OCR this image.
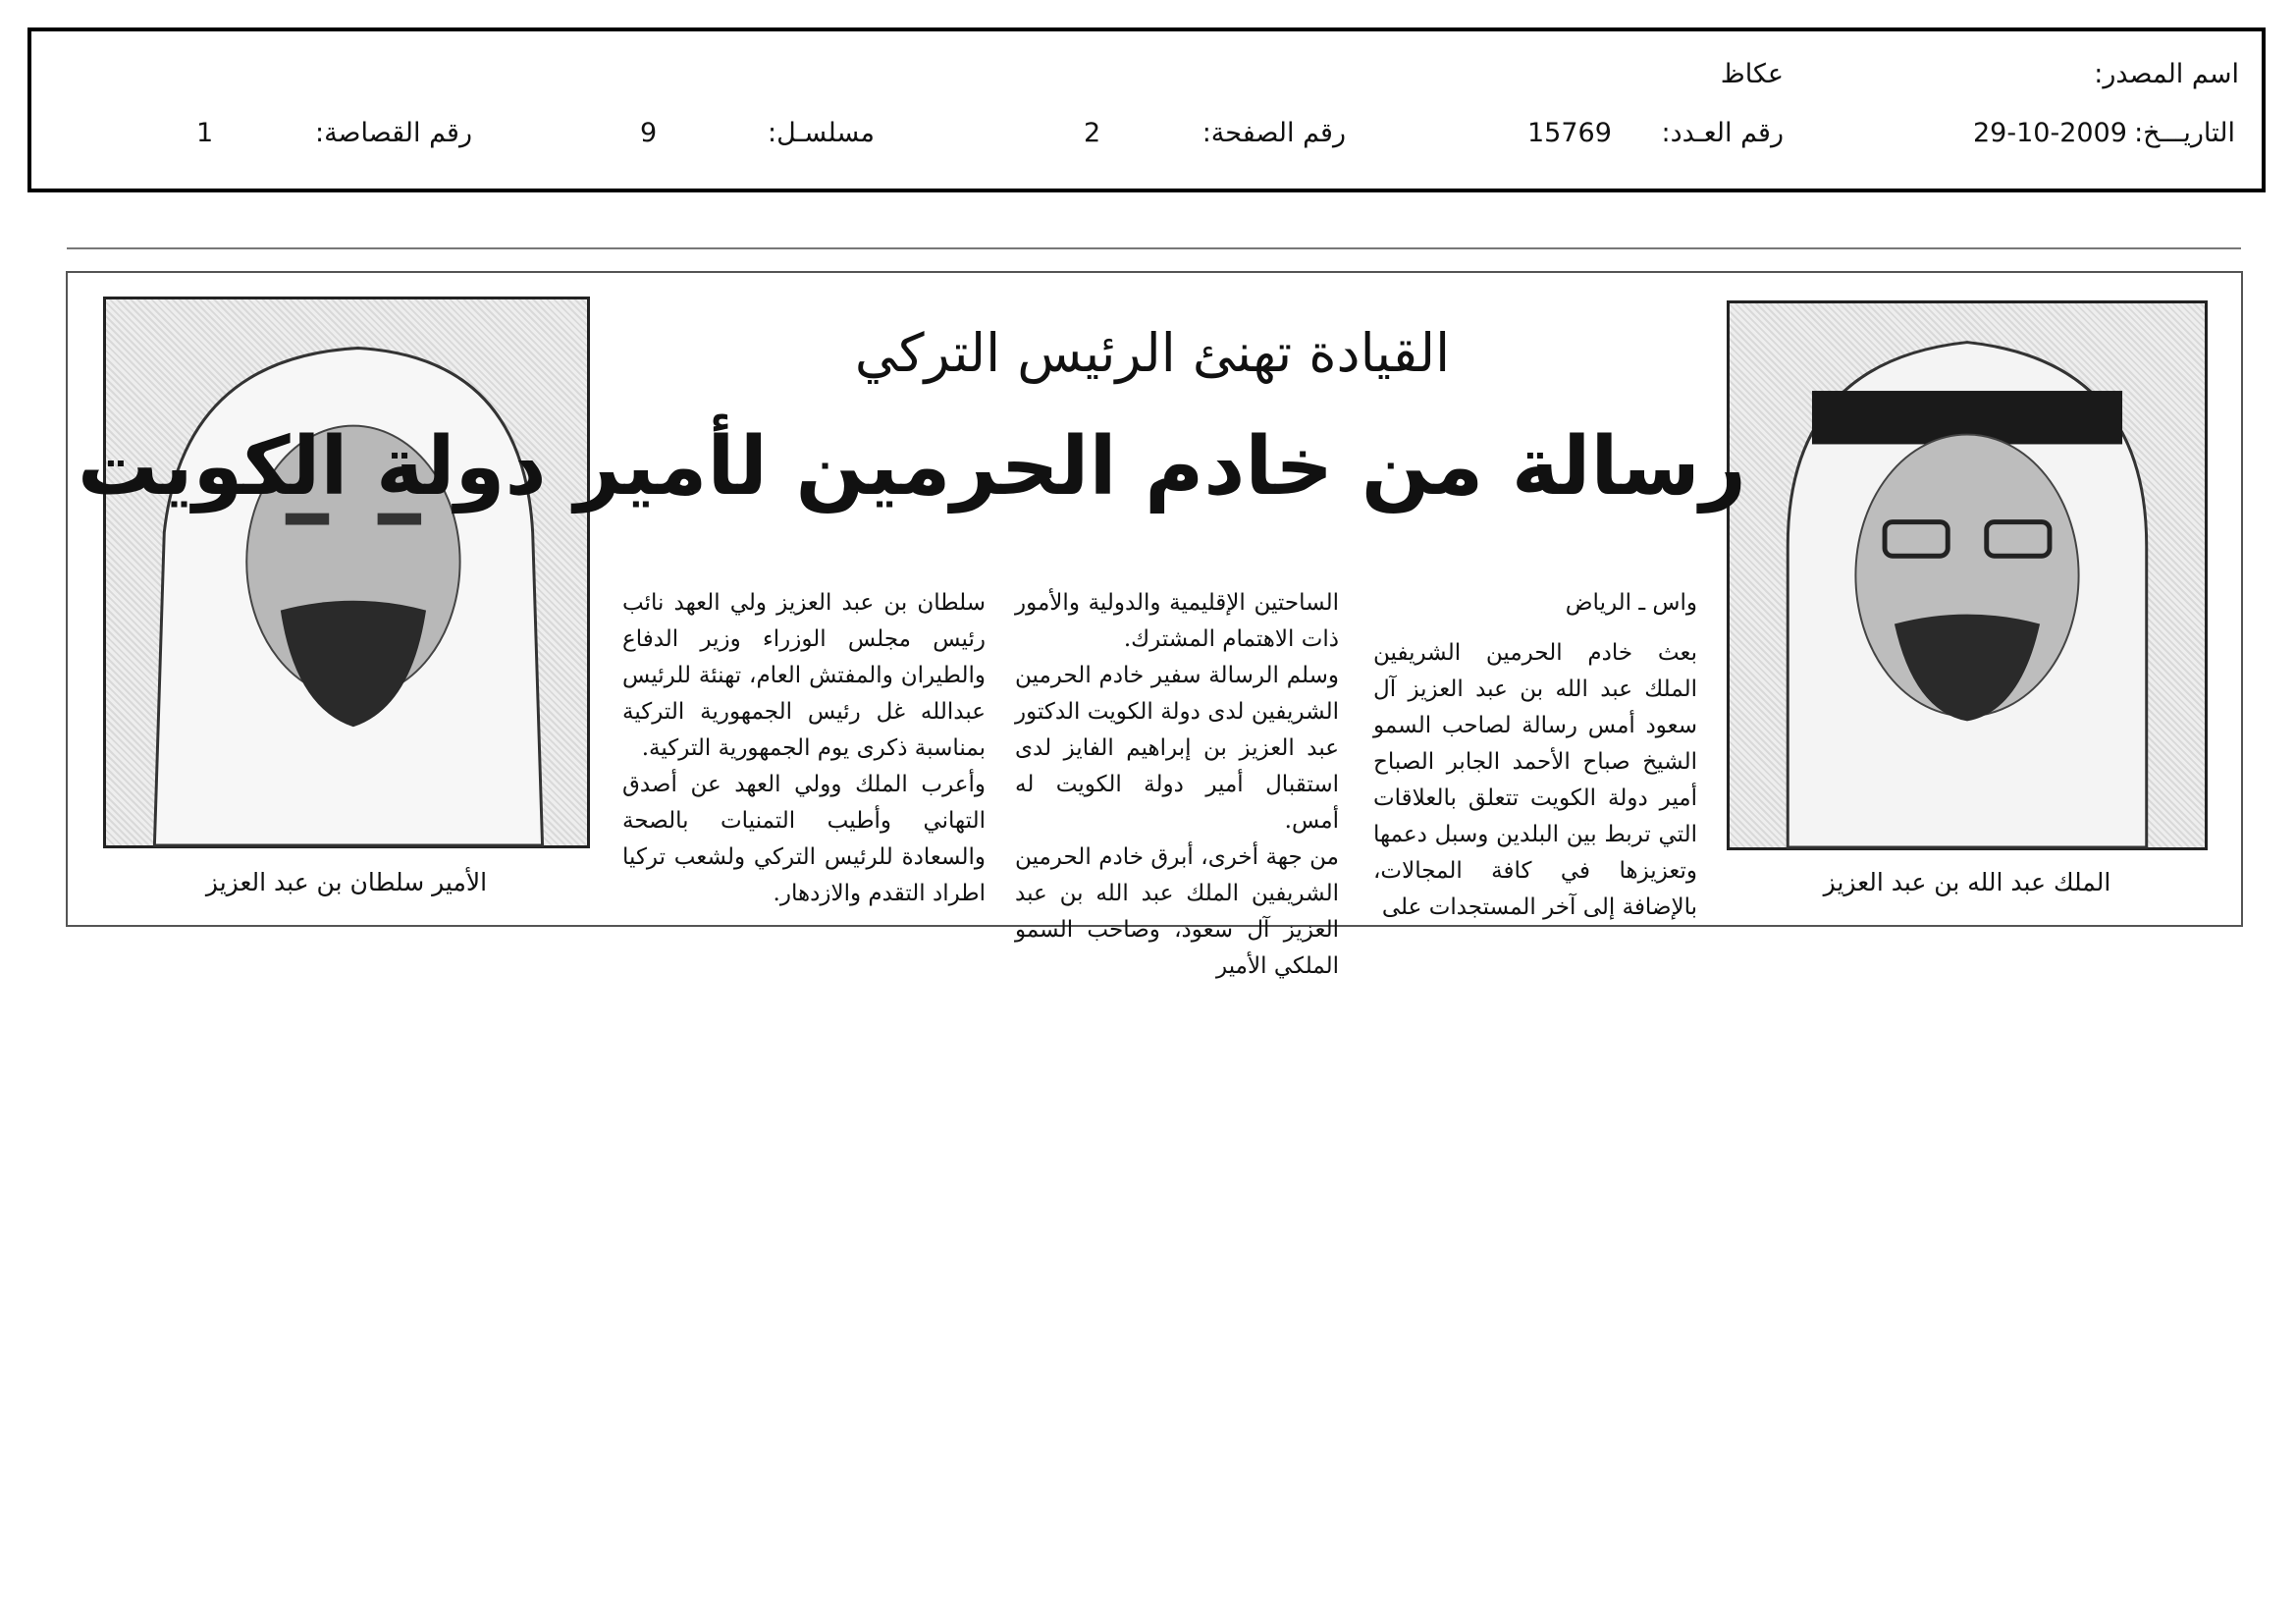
اسم المصدر:
عكاظ
التاريـــخ:
29-10-2009
رقم العـدد:
15769
رقم الصفحة:
2
مسلسـل:
9
رقم القصاصة:
1
الملك عبد الله بن عبد العزيز
الأمير سلطان بن عبد العزيز
القيادة تهنئ الرئيس التركي
رسالة من خادم الحرمين لأمير دولة الكويت

واس ـ الرياض

بعث خادم الحرمين الشريفين الملك عبد الله بن عبد العزيز آل سعود أمس رسالة لصاحب السمو الشيخ صباح الأحمد الجابر الصباح أمير دولة الكويت تتعلق بالعلاقات التي تربط بين البلدين وسبل دعمها وتعزيزها في كافة المجالات، بالإضافة إلى آخر المستجدات على

الساحتين الإقليمية والدولية والأمور ذات الاهتمام المشترك.

وسلم الرسالة سفير خادم الحرمين الشريفين لدى دولة الكويت الدكتور عبد العزيز بن إبراهيم الفايز لدى استقبال أمير دولة الكويت له أمس.

من جهة أخرى، أبرق خادم الحرمين الشريفين الملك عبد الله بن عبد العزيز آل سعود، وصاحب السمو الملكي الأمير

سلطان بن عبد العزيز ولي العهد نائب رئيس مجلس الوزراء وزير الدفاع والطيران والمفتش العام، تهنئة للرئيس عبدالله غل رئيس الجمهورية التركية بمناسبة ذكرى يوم الجمهورية التركية.

وأعرب الملك وولي العهد عن أصدق التهاني وأطيب التمنيات بالصحة والسعادة للرئيس التركي ولشعب تركيا اطراد التقدم والازدهار.
